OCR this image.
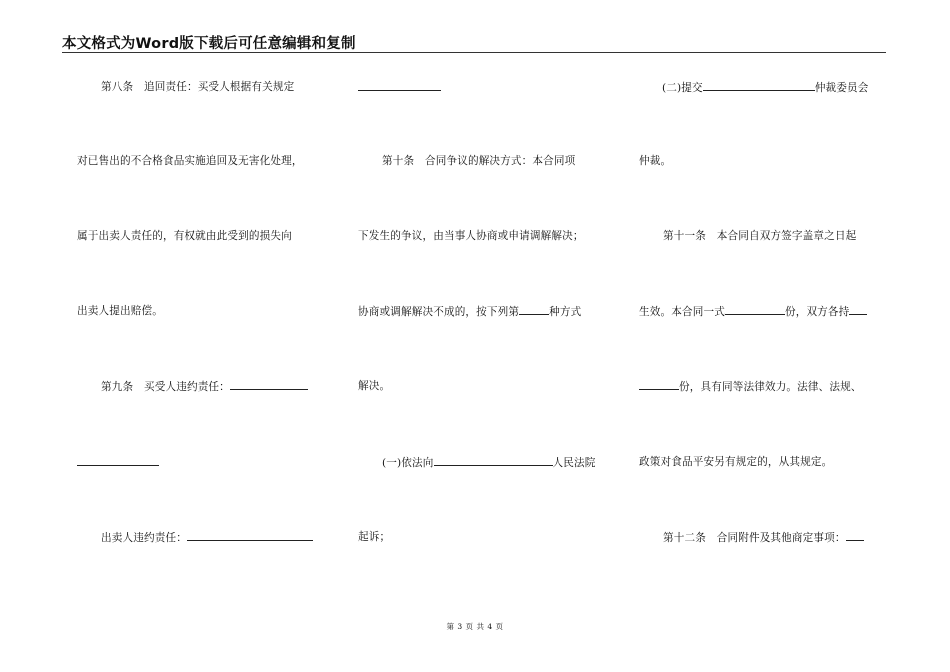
本文格式为Word版下载后可任意编辑和复制
第八条　追回责任：买受人根据有关规定
对已售出的不合格食品实施追回及无害化处理，
属于出卖人责任的，有权就由此受到的损失向
出卖人提出赔偿。
第九条　买受人违约责任：
出卖人违约责任：
第十条　合同争议的解决方式：本合同项
下发生的争议，由当事人协商或申请调解解决；
协商或调解解决不成的，按下列第	种方式
解决。
(一)依法向	人民法院
起诉；
(二)提交	仲裁委员会
仲裁。
第十一条　本合同自双方签字盖章之日起
生效。本合同一式	份，双方各持
份，具有同等法律效力。法律、法规、
政策对食品平安另有规定的，从其规定。
第十二条　合同附件及其他商定事项：
第 3 页 共 4 页
